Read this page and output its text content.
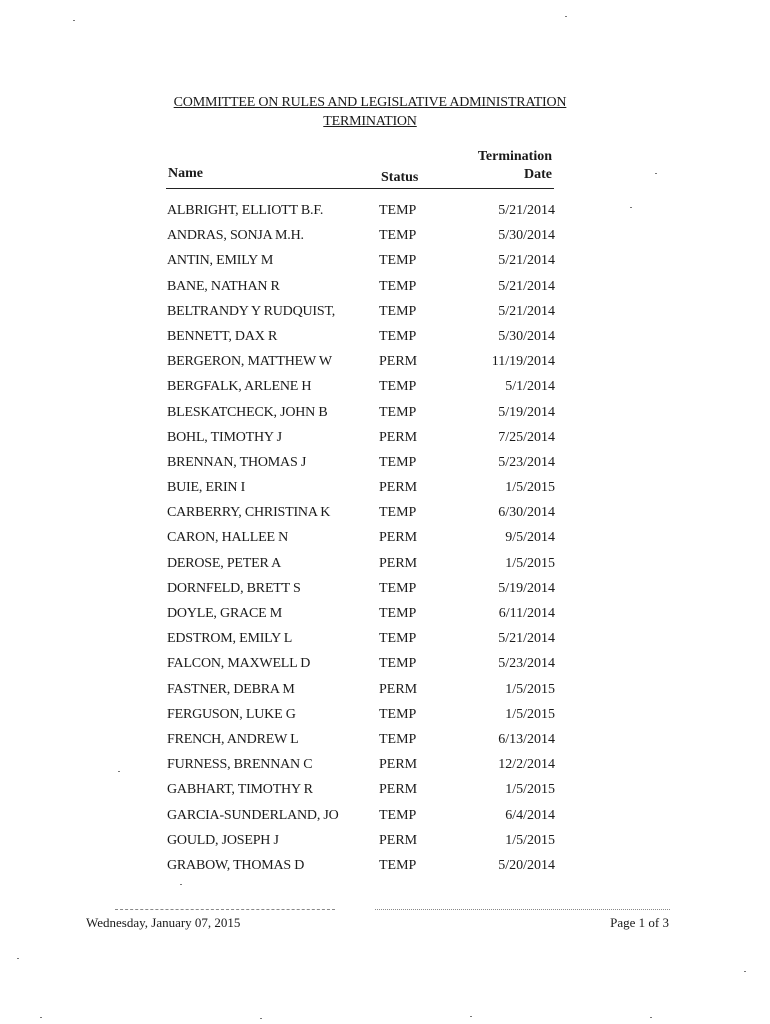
COMMITTEE ON RULES AND LEGISLATIVE ADMINISTRATION
TERMINATION
Name	Status
Termination
Date
ALBRIGHT, ELLIOTT B.F.	TEMP	5/21/2014
ANDRAS, SONJA M.H.	TEMP	5/30/2014
ANTIN, EMILY M	TEMP	5/21/2014
BANE, NATHAN R	TEMP	5/21/2014
BELTRANDY Y RUDQUIST,	TEMP	5/21/2014
BENNETT, DAX R	TEMP	5/30/2014
BERGERON, MATTHEW W	PERM	11/19/2014
BERGFALK, ARLENE H	TEMP	5/1/2014
BLESKATCHECK, JOHN B	TEMP	5/19/2014
BOHL, TIMOTHY J	PERM	7/25/2014
BRENNAN, THOMAS J	TEMP	5/23/2014
BUIE, ERIN I	PERM	1/5/2015
CARBERRY, CHRISTINA K	TEMP	6/30/2014
CARON, HALLEE N	PERM	9/5/2014
DEROSE, PETER A	PERM	1/5/2015
DORNFELD, BRETT S	TEMP	5/19/2014
DOYLE, GRACE M	TEMP	6/11/2014
EDSTROM, EMILY L	TEMP	5/21/2014
FALCON, MAXWELL D	TEMP	5/23/2014
FASTNER, DEBRA M	PERM	1/5/2015
FERGUSON, LUKE G	TEMP	1/5/2015
FRENCH, ANDREW L	TEMP	6/13/2014
FURNESS, BRENNAN C	PERM	12/2/2014
GABHART, TIMOTHY R	PERM	1/5/2015
GARCIA-SUNDERLAND, JO	TEMP	6/4/2014
GOULD, JOSEPH J	PERM	1/5/2015
GRABOW, THOMAS D	TEMP	5/20/2014
Wednesday, January 07, 2015	Page 1 of 3
